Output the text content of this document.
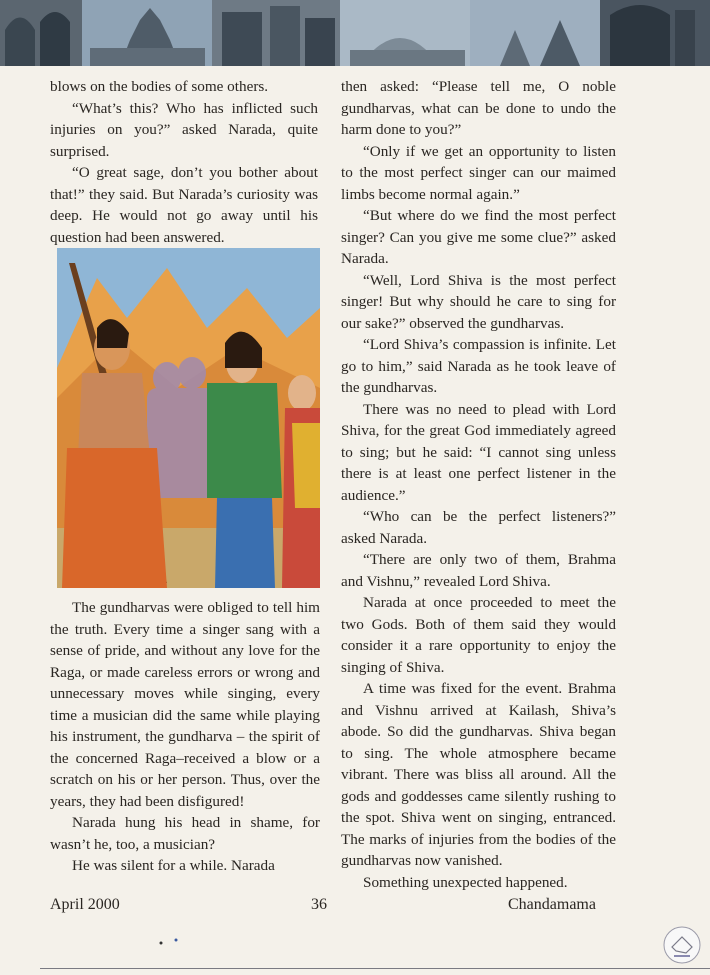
blows on the bodies of some others.

“What’s this? Who has inflicted such injuries on you?” asked Narada, quite surprised.

“O great sage, don’t you bother about that!” they said. But Narada’s curiosity was deep. He would not go away until his question had been answered.

The gundharvas were obliged to tell him the truth. Every time a singer sang with a sense of pride, and without any love for the Raga, or made careless errors or wrong and unnecessary moves while singing, every time a musician did the same while playing his instrument, the gundharva – the spirit of the concerned Raga–received a blow or a scratch on his or her person. Thus, over the years, they had been disfigured!

Narada hung his head in shame, for wasn’t he, too, a musician?

He was silent for a while. Narada

then asked: “Please tell me, O noble gundharvas, what can be done to undo the harm done to you?”

“Only if we get an opportunity to listen to the most perfect singer can our maimed limbs become normal again.”

“But where do we find the most perfect singer? Can you give me some clue?” asked Narada.

“Well, Lord Shiva is the most perfect singer! But why should he care to sing for our sake?” observed the gundharvas.

“Lord Shiva’s compassion is infinite. Let go to him,” said Narada as he took leave of the gundharvas.

There was no need to plead with Lord Shiva, for the great God immediately agreed to sing; but he said: “I cannot sing unless there is at least one perfect listener in the audience.”

“Who can be the perfect listeners?” asked Narada.

“There are only two of them, Brahma and Vishnu,” revealed Lord Shiva.

Narada at once proceeded to meet the two Gods. Both of them said they would consider it a rare opportunity to enjoy the singing of Shiva.

A time was fixed for the event. Brahma and Vishnu arrived at Kailash, Shiva’s abode. So did the gundharvas. Shiva began to sing. The whole atmosphere became vibrant. There was bliss all around. All the gods and goddesses came silently rushing to the spot. Shiva went on singing, entranced. The marks of injuries from the bodies of the gundharvas now vanished.

Something unexpected happened.

April 2000	36	Chandamama
